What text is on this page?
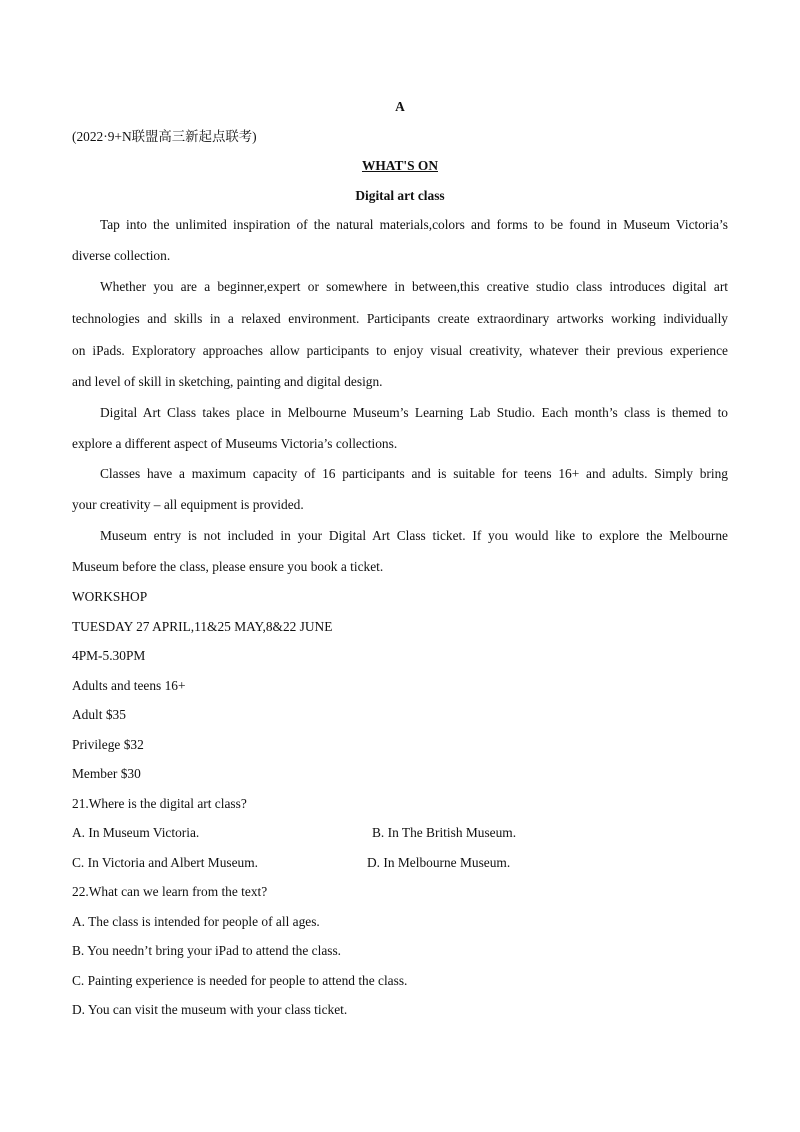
A
(2022·9+N联盟高三新起点联考)
WHAT'S ON
Digital art class
Tap into the unlimited inspiration of the natural materials,colors and forms to be found in Museum Victoria’s
diverse collection.
Whether you are a beginner,expert or somewhere in between,this creative studio class introduces digital art
technologies and skills in a relaxed environment. Participants create extraordinary artworks working individually
on iPads. Exploratory approaches allow participants to enjoy visual creativity, whatever their previous experience
and level of skill in sketching, painting and digital design.
Digital Art Class takes place in Melbourne Museum’s Learning Lab Studio. Each month’s class is themed to
explore a different aspect of Museums Victoria’s collections.
Classes have a maximum capacity of 16 participants and is suitable for teens 16+ and adults. Simply bring
your creativity – all equipment is provided.
Museum entry is not included in your Digital Art Class ticket. If you would like to explore the Melbourne
Museum before the class, please ensure you book a ticket.
WORKSHOP
TUESDAY 27 APRIL,11&25 MAY,8&22 JUNE
4PM-5.30PM
Adults and teens 16+
Adult $35
Privilege $32
Member $30
21.Where is the digital art class?
A. In Museum Victoria.	B. In The British Museum.
C. In Victoria and Albert Museum.	D. In Melbourne Museum.
22.What can we learn from the text?
A. The class is intended for people of all ages.
B. You needn’t bring your iPad to attend the class.
C. Painting experience is needed for people to attend the class.
D. You can visit the museum with your class ticket.
